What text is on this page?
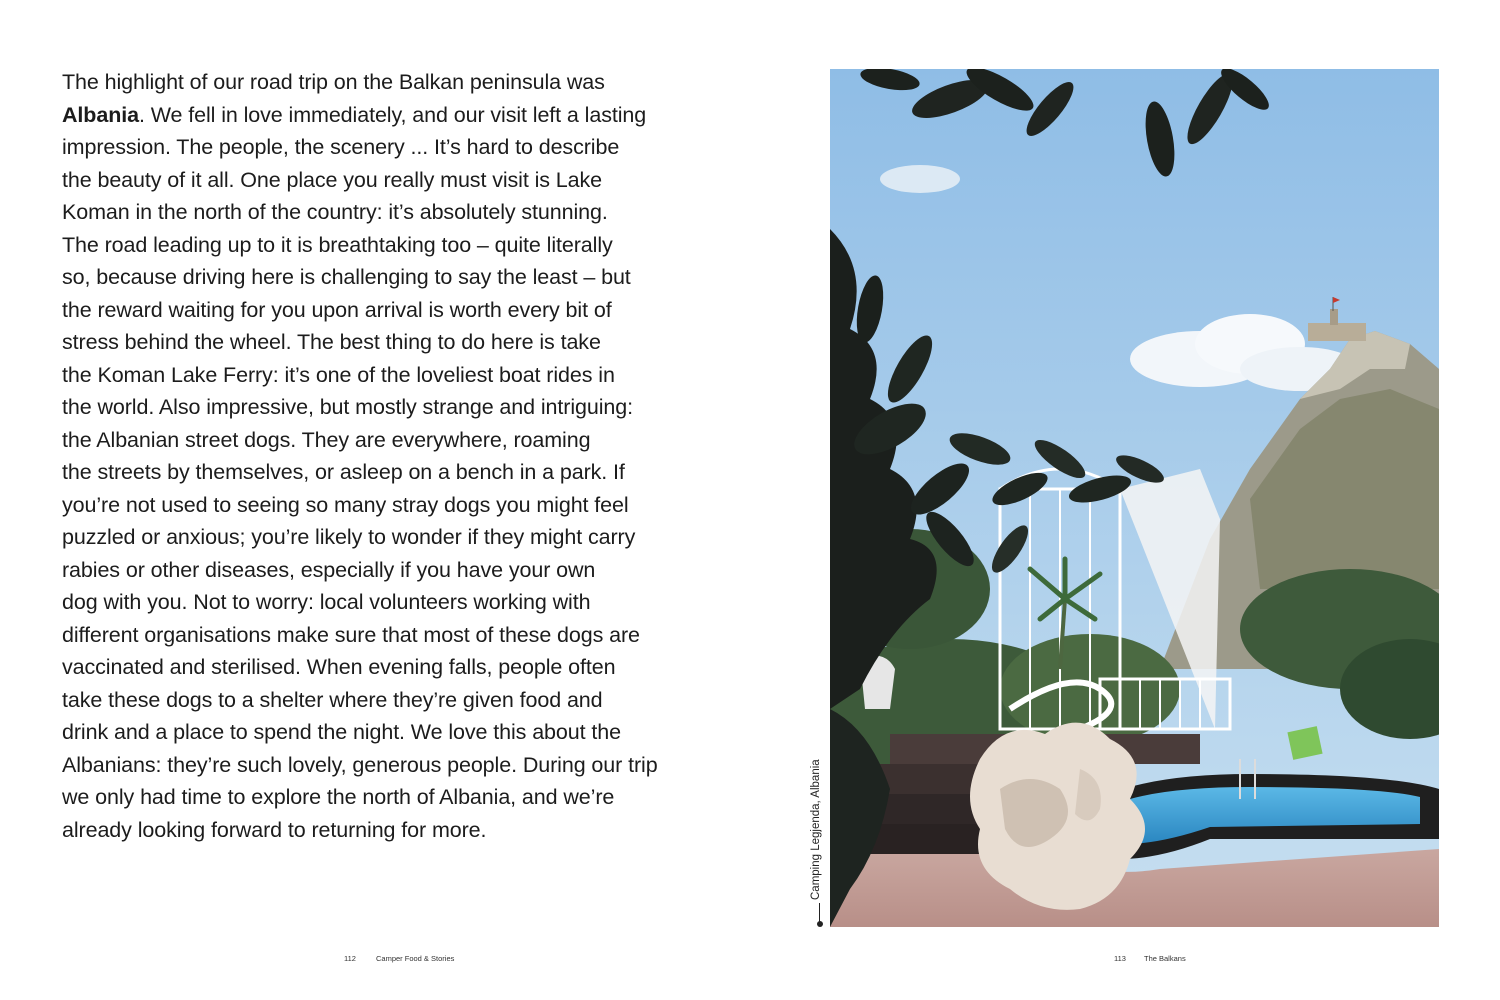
The highlight of our road trip on the Balkan peninsula was
Albania. We fell in love immediately, and our visit left a lasting
impression. The people, the scenery ... It’s hard to describe
the beauty of it all. One place you really must visit is Lake
Koman in the north of the country: it’s absolutely stunning.
The road leading up to it is breathtaking too – quite literally
so, because driving here is challenging to say the least – but
the reward waiting for you upon arrival is worth every bit of
stress behind the wheel. The best thing to do here is take
the Koman Lake Ferry: it’s one of the loveliest boat rides in
the world. Also impressive, but mostly strange and intriguing:
the Albanian street dogs. They are everywhere, roaming
the streets by themselves, or asleep on a bench in a park. If
you’re not used to seeing so many stray dogs you might feel
puzzled or anxious; you’re likely to wonder if they might carry
rabies or other diseases, especially if you have your own
dog with you. Not to worry: local volunteers working with
different organisations make sure that most of these dogs are
vaccinated and sterilised. When evening falls, people often
take these dogs to a shelter where they’re given food and
drink and a place to spend the night. We love this about the
Albanians: they’re such lovely, generous people. During our trip
we only had time to explore the north of Albania, and we’re
already looking forward to returning for more.
112	Camper Food & Stories
Camping Legjenda, Albania
113 The Balkans
